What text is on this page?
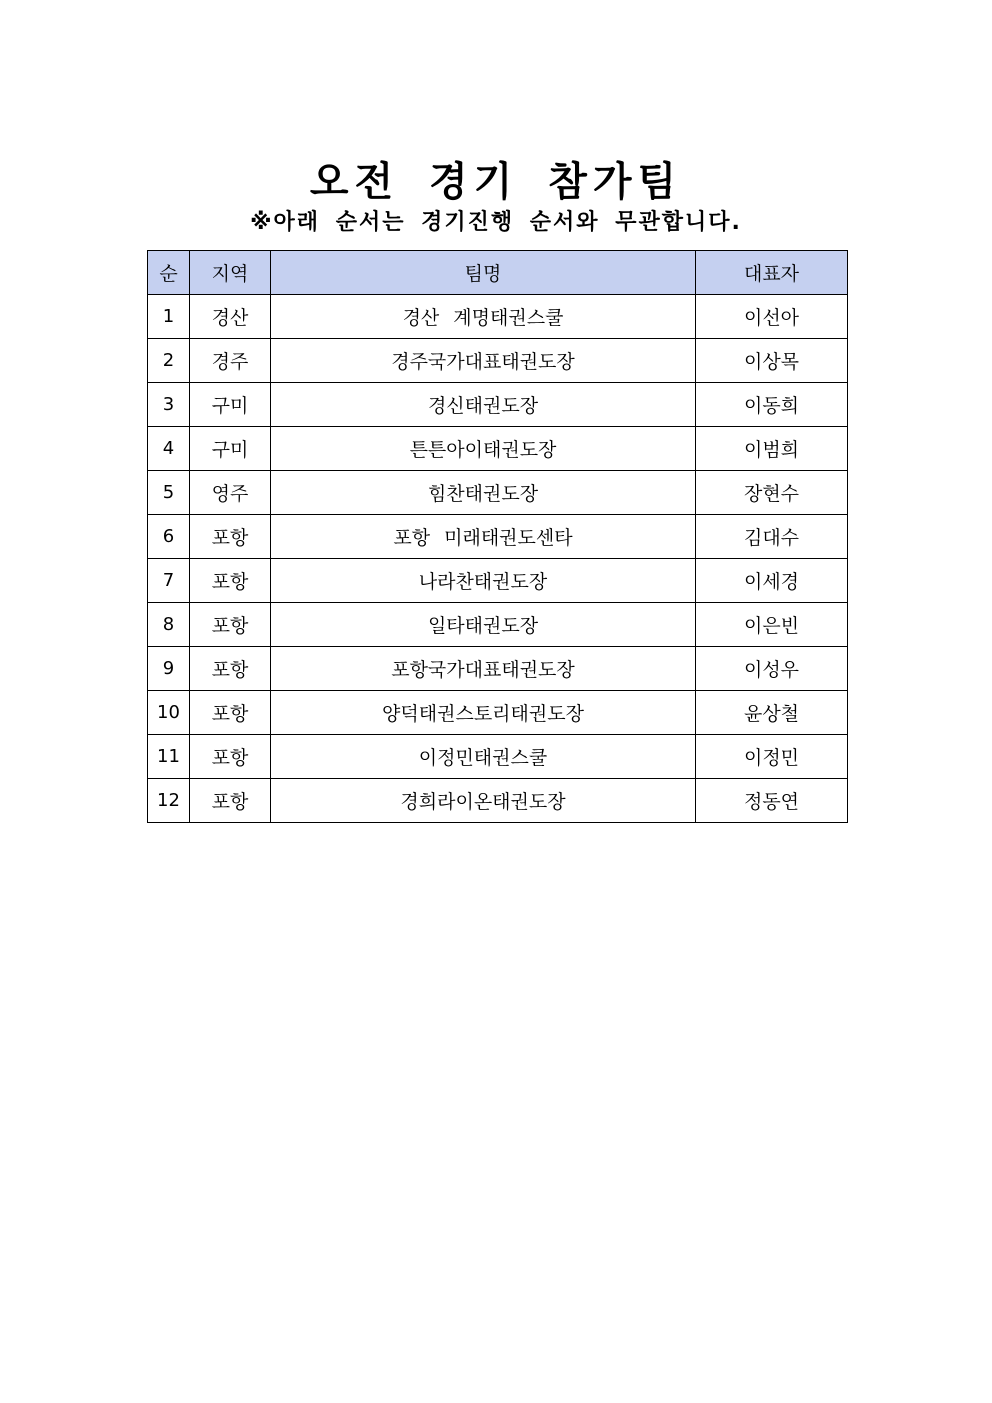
오전 경기 참가팀

※아래 순서는 경기진행 순서와 무관합니다.

순	지역	팀명	대표자
1	경산	경산 계명태권스쿨	이선아
2	경주	경주국가대표태권도장	이상목
3	구미	경신태권도장	이동희
4	구미	튼튼아이태권도장	이범희
5	영주	힘찬태권도장	장현수
6	포항	포항 미래태권도센타	김대수
7	포항	나라찬태권도장	이세경
8	포항	일타태권도장	이은빈
9	포항	포항국가대표태권도장	이성우
10	포항	양덕태권스토리태권도장	윤상철
11	포항	이정민태권스쿨	이정민
12	포항	경희라이온태권도장	정동연
